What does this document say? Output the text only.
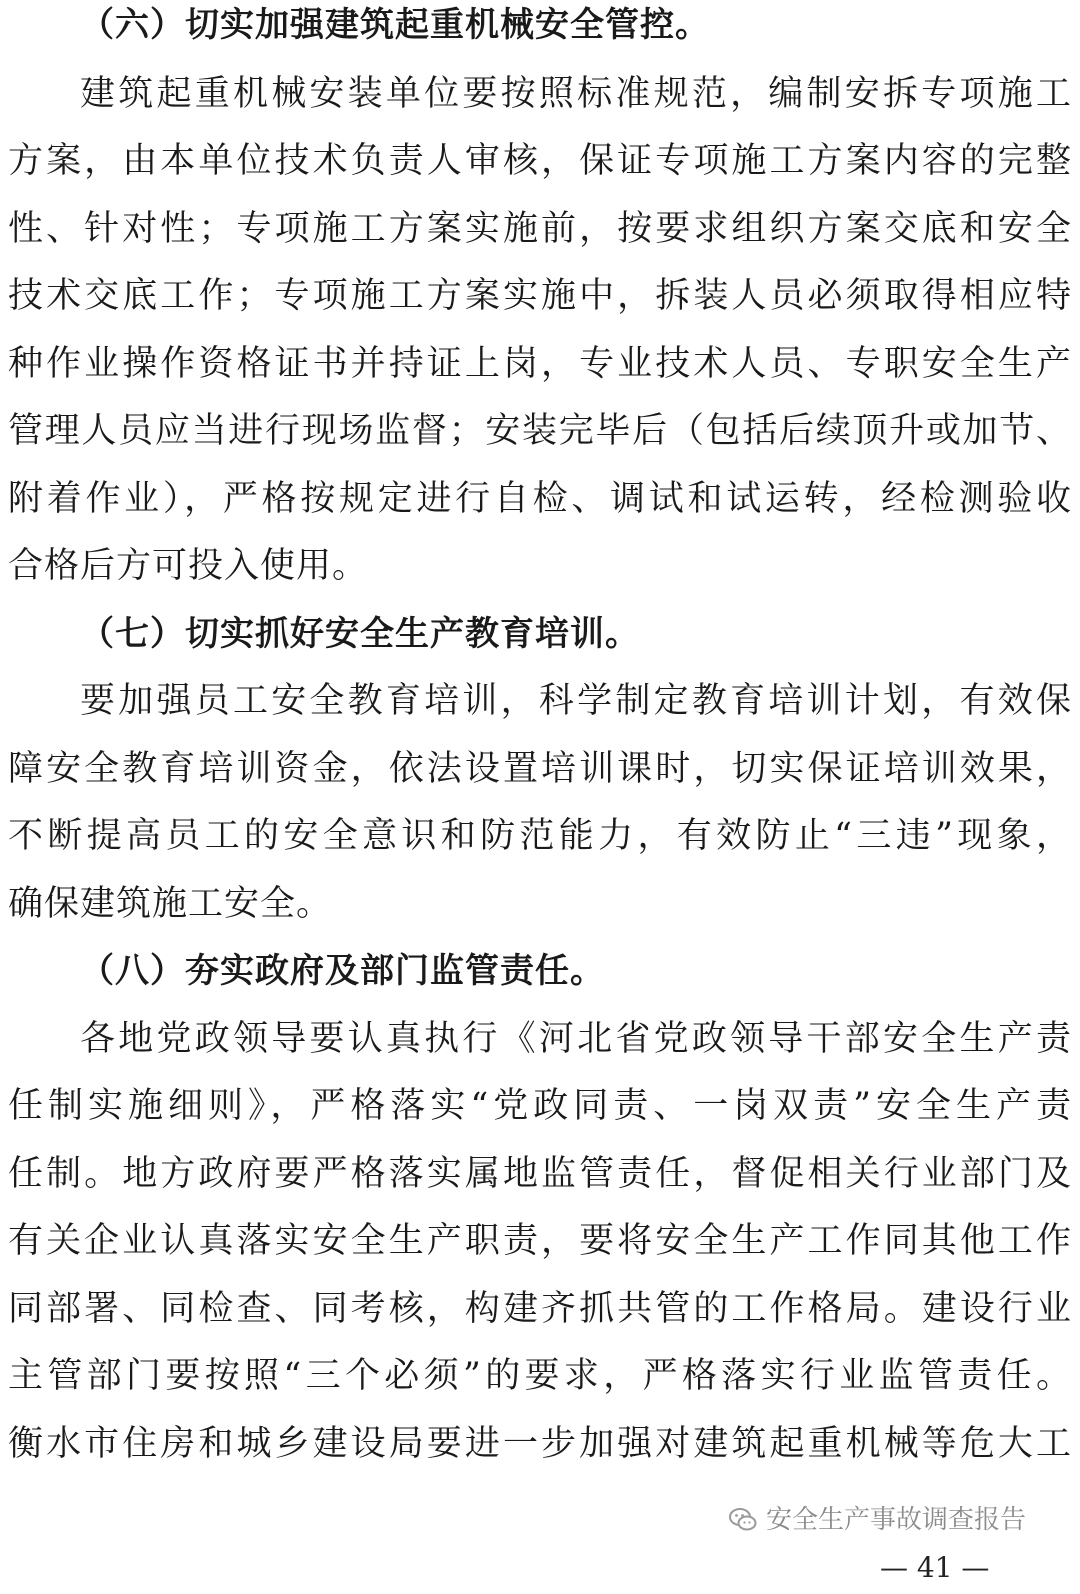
（六）切实加强建筑起重机械安全管控。
建筑起重机械安装单位要按照标准规范，编制安拆专项施工
方案，由本单位技术负责人审核，保证专项施工方案内容的完整
性、针对性；专项施工方案实施前，按要求组织方案交底和安全
技术交底工作；专项施工方案实施中，拆装人员必须取得相应特
种作业操作资格证书并持证上岗，专业技术人员、专职安全生产
管理人员应当进行现场监督；安装完毕后（包括后续顶升或加节、
附着作业），严格按规定进行自检、调试和试运转，经检测验收
合格后方可投入使用。
（七）切实抓好安全生产教育培训。
要加强员工安全教育培训，科学制定教育培训计划，有效保
障安全教育培训资金，依法设置培训课时，切实保证培训效果，
不断提高员工的安全意识和防范能力，有效防止“三违”现象，
确保建筑施工安全。
（八）夯实政府及部门监管责任。
各地党政领导要认真执行《河北省党政领导干部安全生产责
任制实施细则》，严格落实“党政同责、一岗双责”安全生产责
任制。地方政府要严格落实属地监管责任，督促相关行业部门及
有关企业认真落实安全生产职责，要将安全生产工作同其他工作
同部署、同检查、同考核，构建齐抓共管的工作格局。建设行业
主管部门要按照“三个必须”的要求，严格落实行业监管责任。
衡水市住房和城乡建设局要进一步加强对建筑起重机械等危大工
安全生产事故调查报告
— 41 —
